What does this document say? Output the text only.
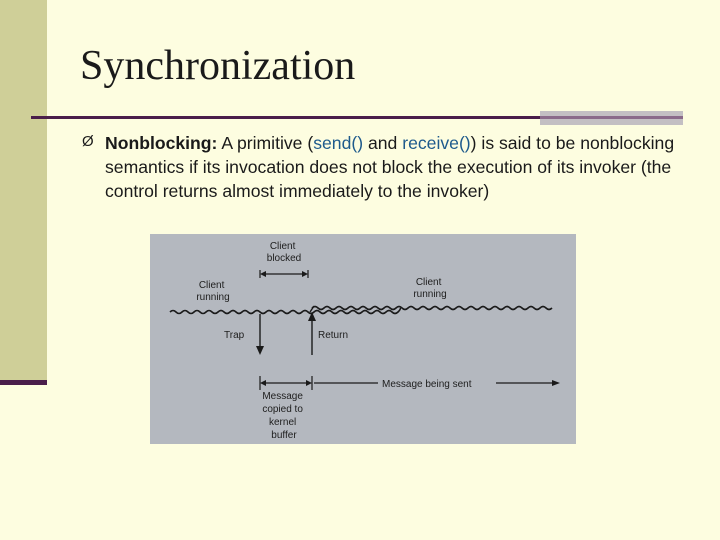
Synchronization
Ø Nonblocking: A primitive (send() and receive()) is said to be nonblocking semantics if its invocation does not block the execution of its invoker (the control returns almost immediately to the invoker)
Client blocked
Client running
Client running
Trap	Return
Message being sent
Message copied to kernel buffer
